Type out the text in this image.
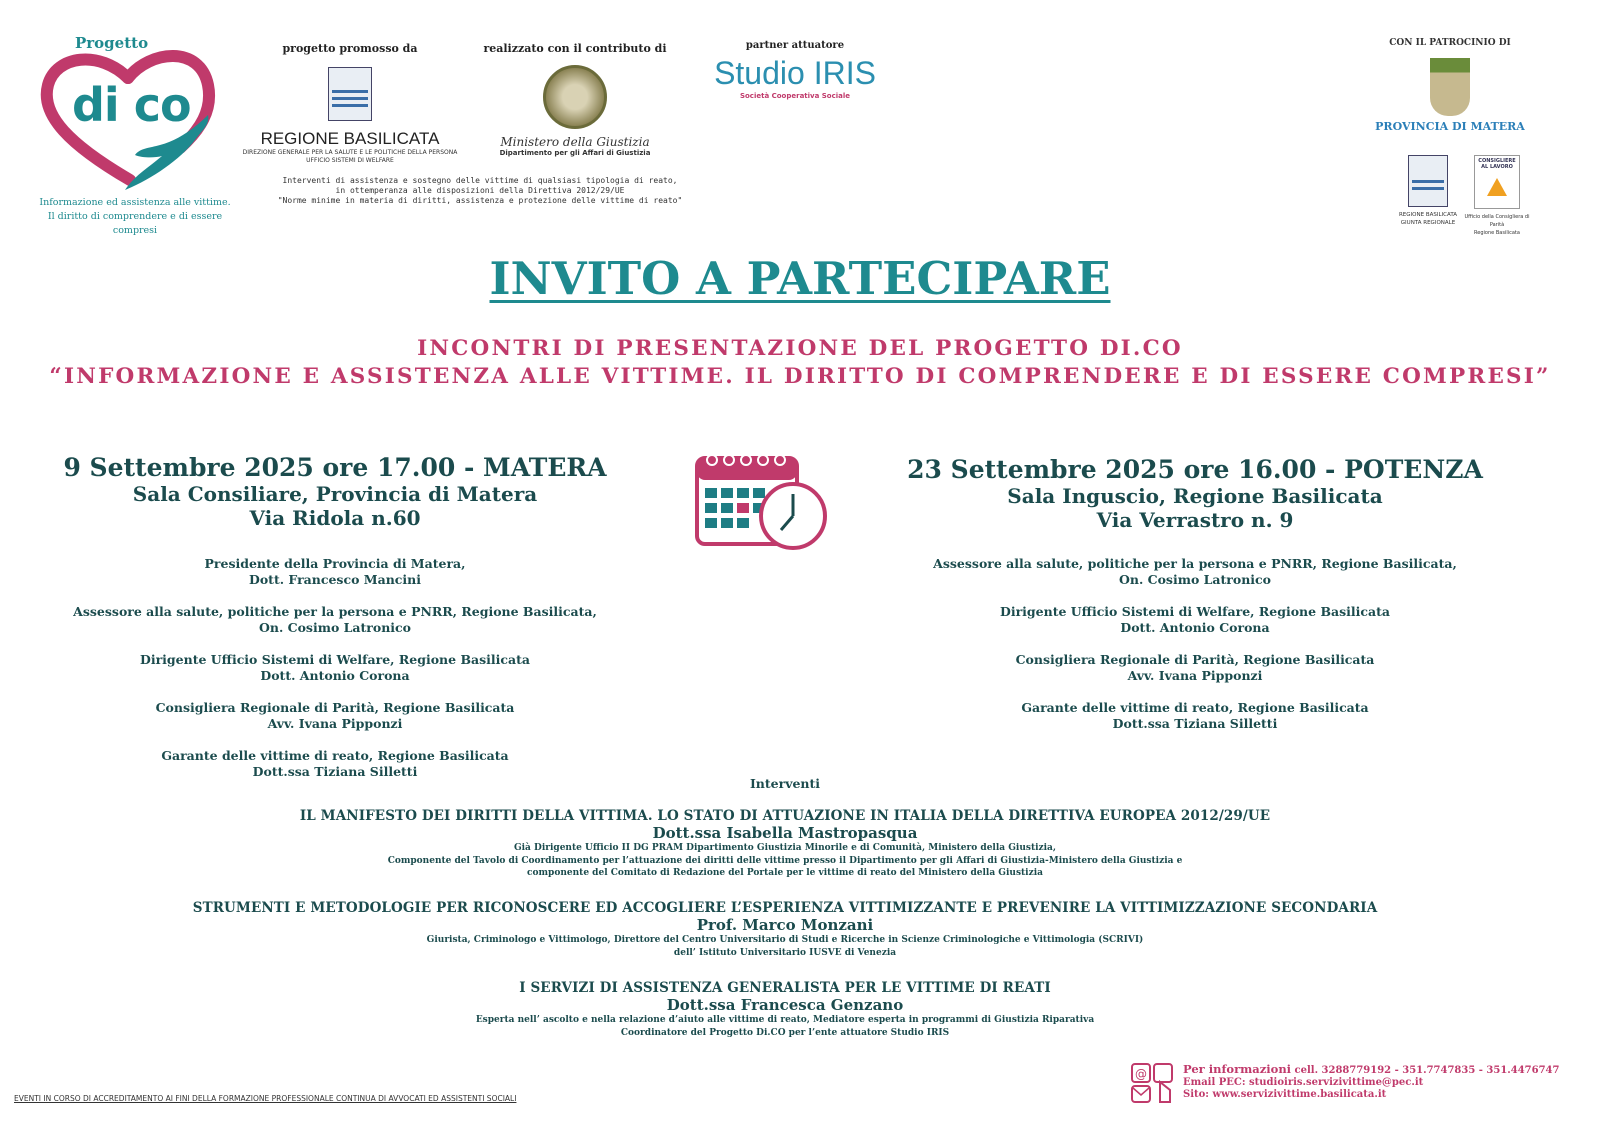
Progetto
di co
Informazione ed assistenza alle vittime.
Il diritto di comprendere e di essere compresi
progetto promosso da
REGIONE BASILICATA
DIREZIONE GENERALE PER LA SALUTE E LE POLITICHE DELLA PERSONA
UFFICIO SISTEMI DI WELFARE
realizzato con il contributo di
Ministero della Giustizia
Dipartimento per gli Affari di Giustizia
partner attuatore
Studio IRIS
Società Cooperativa Sociale
Interventi di assistenza e sostegno delle vittime di qualsiasi tipologia di reato,
in ottemperanza alle disposizioni della Direttiva 2012/29/UE
"Norme minime in materia di diritti, assistenza e protezione delle vittime di reato"
CON IL PATROCINIO DI
PROVINCIA DI MATERA
REGIONE BASILICATA
GIUNTA REGIONALE
CONSIGLIERE AL LAVORO
Ufficio della Consigliera di Parità
Regione Basilicata
INVITO A PARTECIPARE
INCONTRI DI PRESENTAZIONE DEL PROGETTO DI.CO
“INFORMAZIONE E ASSISTENZA ALLE VITTIME. IL DIRITTO DI COMPRENDERE E DI ESSERE COMPRESI”
9 Settembre 2025 ore 17.00 - MATERA
Sala Consiliare, Provincia di Matera
Via Ridola n.60
Presidente della Provincia di Matera,
Dott. Francesco Mancini
Assessore alla salute, politiche per la persona e PNRR, Regione Basilicata,
On. Cosimo Latronico
Dirigente Ufficio Sistemi di Welfare, Regione Basilicata
Dott. Antonio Corona
Consigliera Regionale di Parità, Regione Basilicata
Avv. Ivana Pipponzi
Garante delle vittime di reato, Regione Basilicata
Dott.ssa Tiziana Silletti
23 Settembre 2025 ore 16.00 - POTENZA
Sala Inguscio, Regione Basilicata
Via Verrastro n. 9
Assessore alla salute, politiche per la persona e PNRR, Regione Basilicata,
On. Cosimo Latronico
Dirigente Ufficio Sistemi di Welfare, Regione Basilicata
Dott. Antonio Corona
Consigliera Regionale di Parità, Regione Basilicata
Avv. Ivana Pipponzi
Garante delle vittime di reato, Regione Basilicata
Dott.ssa Tiziana Silletti
Interventi
IL MANIFESTO DEI DIRITTI DELLA VITTIMA. LO STATO DI ATTUAZIONE IN ITALIA DELLA DIRETTIVA EUROPEA 2012/29/UE
Dott.ssa Isabella Mastropasqua
Già Dirigente Ufficio II DG PRAM Dipartimento Giustizia Minorile e di Comunità, Ministero della Giustizia,
Componente del Tavolo di Coordinamento per l’attuazione dei diritti delle vittime presso il Dipartimento per gli Affari di Giustizia-Ministero della Giustizia e
componente del Comitato di Redazione del Portale per le vittime di reato del Ministero della Giustizia
STRUMENTI E METODOLOGIE PER RICONOSCERE ED ACCOGLIERE L’ESPERIENZA VITTIMIZZANTE E PREVENIRE LA VITTIMIZZAZIONE SECONDARIA
Prof. Marco Monzani
Giurista, Criminologo e Vittimologo, Direttore del Centro Universitario di Studi e Ricerche in Scienze Criminologiche e Vittimologia (SCRIVI)
dell’ Istituto Universitario IUSVE di Venezia
I SERVIZI DI ASSISTENZA GENERALISTA PER LE VITTIME DI REATI
Dott.ssa Francesca Genzano
Esperta nell’ ascolto e nella relazione d’aiuto alle vittime di reato, Mediatore esperta in programmi di Giustizia Riparativa
Coordinatore del Progetto Di.CO per l’ente attuatore Studio IRIS
EVENTI IN CORSO DI ACCREDITAMENTO AI FINI DELLA FORMAZIONE PROFESSIONALE CONTINUA DI AVVOCATI ED ASSISTENTI SOCIALI
@	Per informazioni cell. 3288779192 - 351.7747835 - 351.4476747
Email PEC: studioiris.servizivittime@pec.it
Sito: www.servizivittime.basilicata.it
